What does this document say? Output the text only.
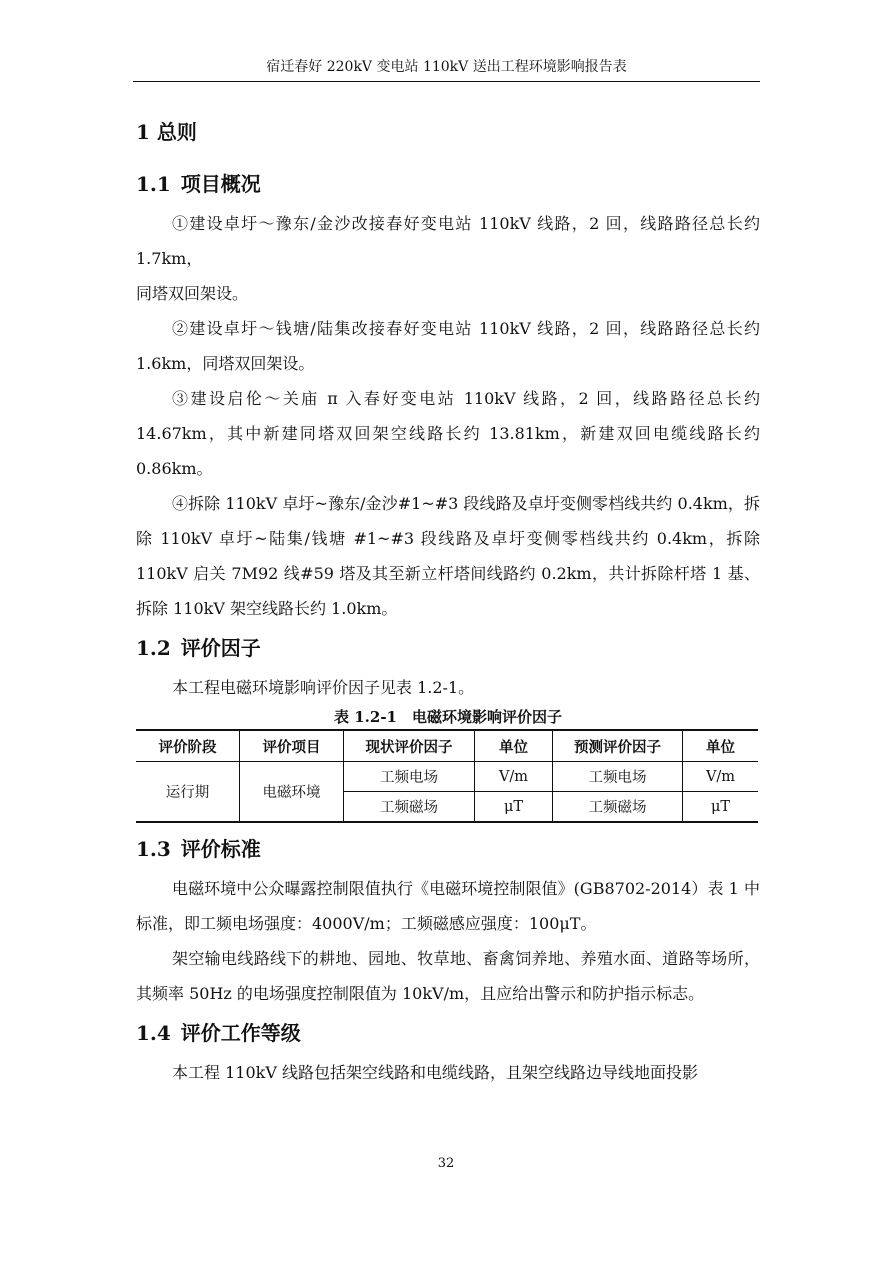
宿迁春好 220kV 变电站 110kV 送出工程环境影响报告表
1 总则
1.1 项目概况

①建设卓圩～豫东/金沙改接春好变电站 110kV 线路，2 回，线路路径总长约 1.7km，

同塔双回架设。

②建设卓圩～钱塘/陆集改接春好变电站 110kV 线路，2 回，线路路径总长约 1.6km，同塔双回架设。

③建设启伦～关庙 π 入春好变电站 110kV 线路，2 回，线路路径总长约 14.67km，其中新建同塔双回架空线路长约 13.81km，新建双回电缆线路长约 0.86km。

④拆除 110kV 卓圩~豫东/金沙#1~#3 段线路及卓圩变侧零档线共约 0.4km，拆除 110kV 卓圩~陆集/钱塘 #1~#3 段线路及卓圩变侧零档线共约 0.4km，拆除 110kV 启关 7M92 线#59 塔及其至新立杆塔间线路约 0.2km，共计拆除杆塔 1 基、拆除 110kV 架空线路长约 1.0km。

1.2 评价因子

本工程电磁环境影响评价因子见表 1.2-1。

表 1.2-1　电磁环境影响评价因子
评价阶段	评价项目	现状评价因子	单位	预测评价因子	单位
运行期	电磁环境	工频电场	V/m	工频电场	V/m
		工频磁场	μT	工频磁场	μT
1.3 评价标准

电磁环境中公众曝露控制限值执行《电磁环境控制限值》(GB8702-2014）表 1 中标准，即工频电场强度：4000V/m；工频磁感应强度：100μT。

架空输电线路线下的耕地、园地、牧草地、畜禽饲养地、养殖水面、道路等场所，其频率 50Hz 的电场强度控制限值为 10kV/m，且应给出警示和防护指示标志。

1.4 评价工作等级

本工程 110kV 线路包括架空线路和电缆线路，且架空线路边导线地面投影

32
